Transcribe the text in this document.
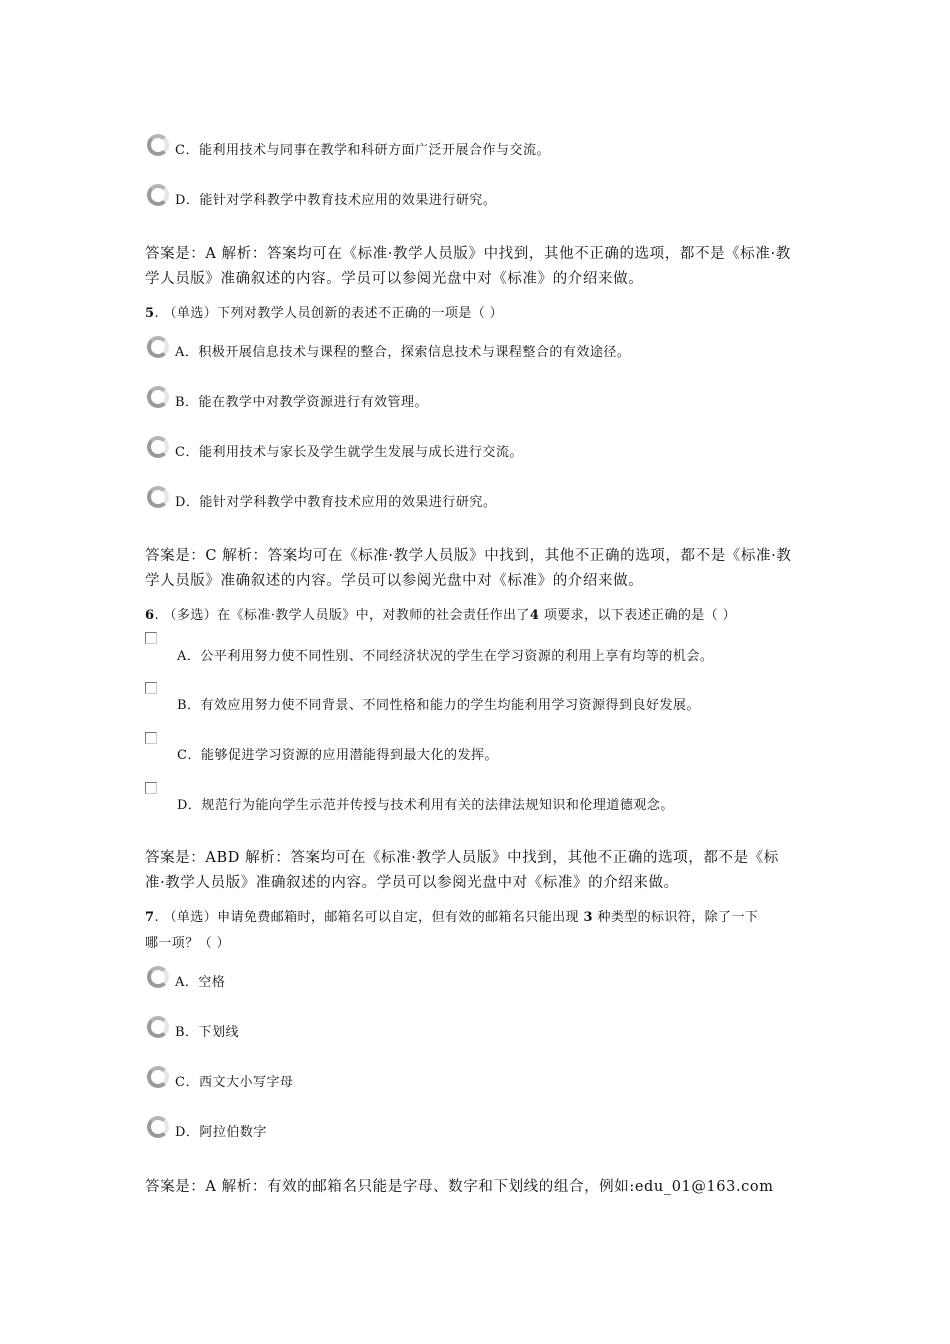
C．能利用技术与同事在教学和科研方面广泛开展合作与交流。
D．能针对学科教学中教育技术应用的效果进行研究。
答案是：A 解析：答案均可在《标准·教学人员版》中找到，其他不正确的选项，都不是《标准·教
学人员版》准确叙述的内容。学员可以参阅光盘中对《标准》的介绍来做。
5. （单选）下列对教学人员创新的表述不正确的一项是（ ）
A．积极开展信息技术与课程的整合，探索信息技术与课程整合的有效途径。
B．能在教学中对教学资源进行有效管理。
C．能利用技术与家长及学生就学生发展与成长进行交流。
D．能针对学科教学中教育技术应用的效果进行研究。
答案是：C 解析：答案均可在《标准·教学人员版》中找到，其他不正确的选项，都不是《标准·教
学人员版》准确叙述的内容。学员可以参阅光盘中对《标准》的介绍来做。
6. （多选）在《标准·教学人员版》中，对教师的社会责任作出了4 项要求，以下表述正确的是（ ）
A．公平利用努力使不同性别、不同经济状况的学生在学习资源的利用上享有均等的机会。
B．有效应用努力使不同背景、不同性格和能力的学生均能利用学习资源得到良好发展。
C．能够促进学习资源的应用潜能得到最大化的发挥。
D．规范行为能向学生示范并传授与技术利用有关的法律法规知识和伦理道德观念。
答案是：ABD 解析：答案均可在《标准·教学人员版》中找到，其他不正确的选项，都不是《标
准·教学人员版》准确叙述的内容。学员可以参阅光盘中对《标准》的介绍来做。
7. （单选）申请免费邮箱时，邮箱名可以自定，但有效的邮箱名只能出现 3 种类型的标识符，除了一下
哪一项？（ ）
A．空格
B．下划线
C．西文大小写字母
D．阿拉伯数字
答案是：A 解析：有效的邮箱名只能是字母、数字和下划线的组合，例如:edu_01@163.com
